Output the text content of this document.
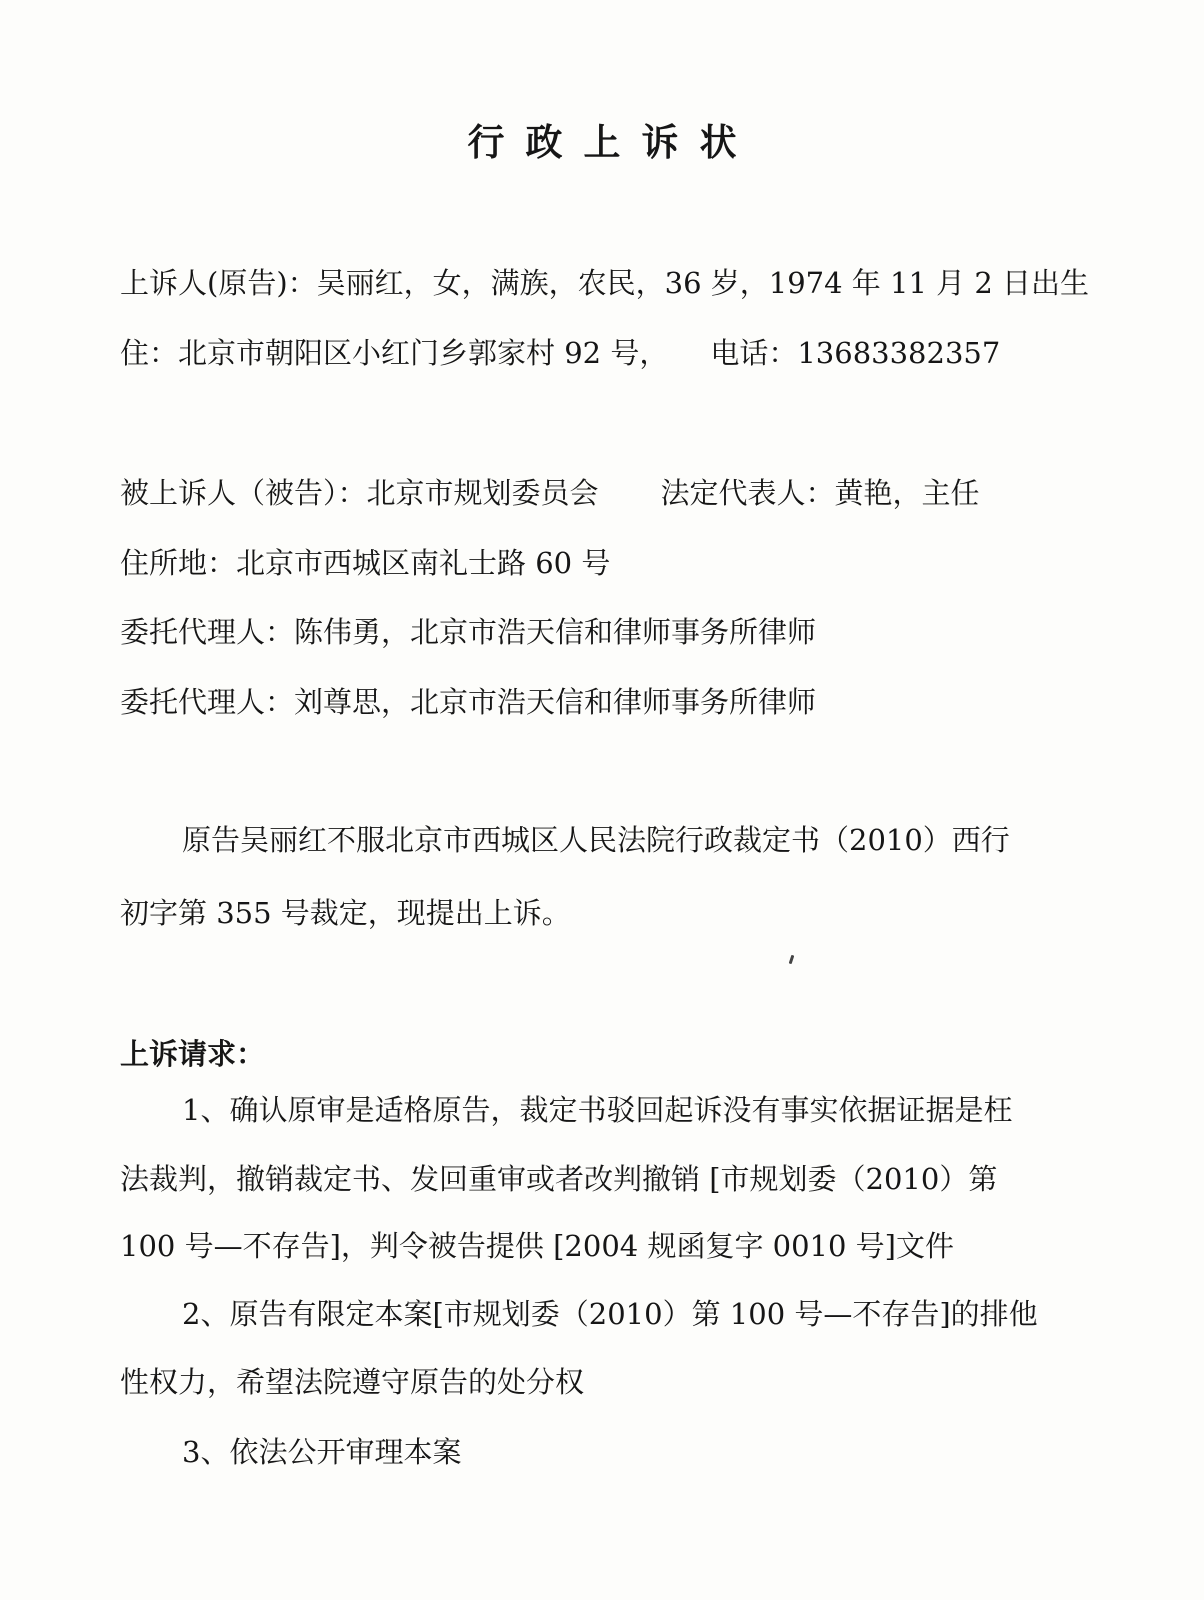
行政上诉状
上诉人(原告)：吴丽红，女，满族，农民，36 岁，1974 年 11 月 2 日出生
住：北京市朝阳区小红门乡郭家村 92 号， 电话：13683382357
被上诉人（被告）：北京市规划委员会 法定代表人：黄艳，主任
住所地：北京市西城区南礼士路 60 号
委托代理人：陈伟勇，北京市浩天信和律师事务所律师
委托代理人：刘尊思，北京市浩天信和律师事务所律师
原告吴丽红不服北京市西城区人民法院行政裁定书（2010）西行
初字第 355 号裁定，现提出上诉。
上诉请求：
1、确认原审是适格原告，裁定书驳回起诉没有事实依据证据是枉
法裁判，撤销裁定书、发回重审或者改判撤销 [市规划委（2010）第
100 号—不存告]，判令被告提供 [2004 规函复字 0010 号]文件
2、原告有限定本案[市规划委（2010）第 100 号—不存告]的排他
性权力，希望法院遵守原告的处分权
3、依法公开审理本案
